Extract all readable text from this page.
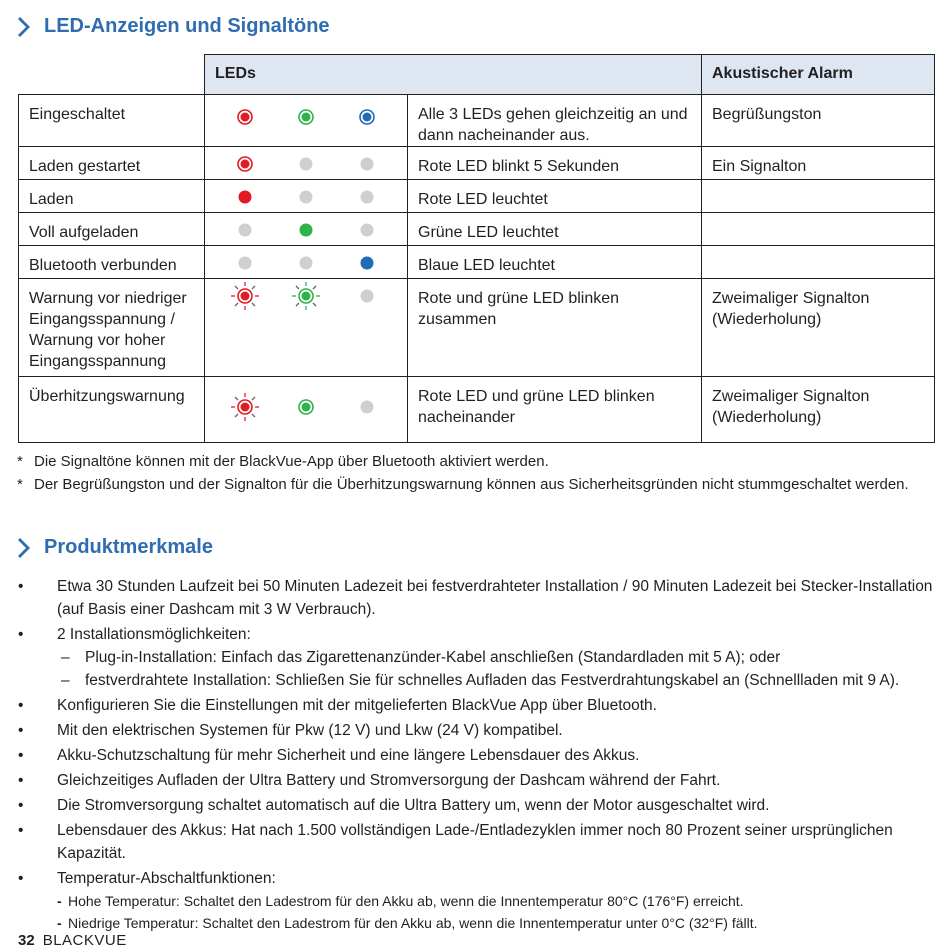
LED-Anzeigen und Signaltöne
	LEDs		Akustischer Alarm
Eingeschaltet		Alle 3 LEDs gehen gleichzeitig an und dann nacheinander aus.	Begrüßungston
Laden gestartet		Rote LED blinkt 5 Sekunden	Ein Signalton
Laden		Rote LED leuchtet	
Voll aufgeladen		Grüne LED leuchtet	
Bluetooth verbunden		Blaue LED leuchtet	
Warnung vor niedriger Eingangsspannung / Warnung vor hoher Eingangsspannung		Rote und grüne LED blinken zusammen	Zweimaliger Signalton (Wiederholung)
Überhitzungswarnung		Rote LED und grüne LED blinken nacheinander	Zweimaliger Signalton (Wiederholung)
* Die Signaltöne können mit der BlackVue-App über Bluetooth aktiviert werden.
* Der Begrüßungston und der Signalton für die Überhitzungswarnung können aus Sicherheitsgründen nicht stummgeschaltet werden.
Produktmerkmale
• Etwa 30 Stunden Laufzeit bei 50 Minuten Ladezeit bei festverdrahteter Installation / 90 Minuten Ladezeit bei Stecker-Installation (auf Basis einer Dashcam mit 3 W Verbrauch).
• 2 Installationsmöglichkeiten:
– Plug-in-Installation: Einfach das Zigarettenanzünder-Kabel anschließen (Standardladen mit 5 A); oder
– festverdrahtete Installation: Schließen Sie für schnelles Aufladen das Festverdrahtungskabel an (Schnellladen mit 9 A).
• Konfigurieren Sie die Einstellungen mit der mitgelieferten BlackVue App über Bluetooth.
• Mit den elektrischen Systemen für Pkw (12 V) und Lkw (24 V) kompatibel.
• Akku-Schutzschaltung für mehr Sicherheit und eine längere Lebensdauer des Akkus.
• Gleichzeitiges Aufladen der Ultra Battery und Stromversorgung der Dashcam während der Fahrt.
• Die Stromversorgung schaltet automatisch auf die Ultra Battery um, wenn der Motor ausgeschaltet wird.
• Lebensdauer des Akkus: Hat nach 1.500 vollständigen Lade-/Entladezyklen immer noch 80 Prozent seiner ursprünglichen Kapazität.
• Temperatur-Abschaltfunktionen:
- Hohe Temperatur: Schaltet den Ladestrom für den Akku ab, wenn die Innentemperatur 80°C (176°F) erreicht.
- Niedrige Temperatur: Schaltet den Ladestrom für den Akku ab, wenn die Innentemperatur unter 0°C (32°F) fällt.
32 BLACKVUE
